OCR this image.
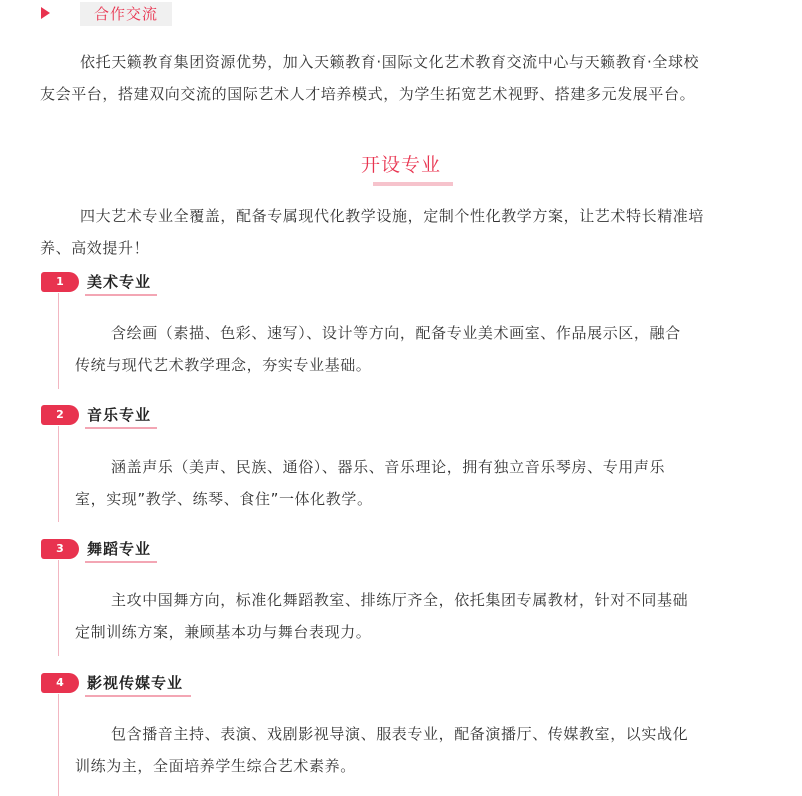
合作交流
依托天籁教育集团资源优势，加入天籁教育·国际文化艺术教育交流中心与天籁教育·全球校
友会平台，搭建双向交流的国际艺术人才培养模式，为学生拓宽艺术视野、搭建多元发展平台。
开设专业
四大艺术专业全覆盖，配备专属现代化教学设施，定制个性化教学方案，让艺术特长精准培
养、高效提升！
1	美术专业
含绘画（素描、色彩、速写）、设计等方向，配备专业美术画室、作品展示区，融合
传统与现代艺术教学理念，夯实专业基础。
2	音乐专业
涵盖声乐（美声、民族、通俗）、器乐、音乐理论，拥有独立音乐琴房、专用声乐
室，实现”教学、练琴、食住”一体化教学。
3	舞蹈专业
主攻中国舞方向，标准化舞蹈教室、排练厅齐全，依托集团专属教材，针对不同基础
定制训练方案，兼顾基本功与舞台表现力。
4	影视传媒专业
包含播音主持、表演、戏剧影视导演、服表专业，配备演播厅、传媒教室，以实战化
训练为主，全面培养学生综合艺术素养。
